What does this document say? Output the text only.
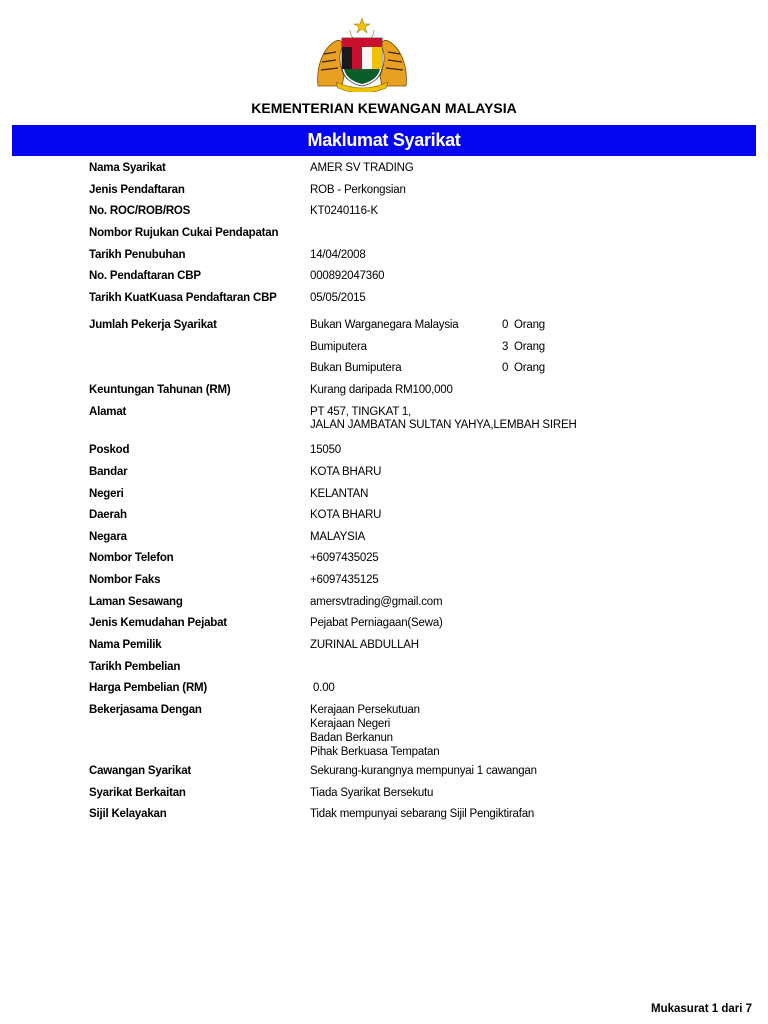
KEMENTERIAN KEWANGAN MALAYSIA
Maklumat Syarikat
Nama Syarikat	AMER SV TRADING
Jenis Pendaftaran	ROB - Perkongsian
No. ROC/ROB/ROS	KT0240116-K
Nombor Rujukan Cukai Pendapatan
Tarikh Penubuhan	14/04/2008
No. Pendaftaran CBP	000892047360
Tarikh KuatKuasa Pendaftaran CBP	05/05/2015
Jumlah Pekerja Syarikat	Bukan Warganegara Malaysia	0 Orang
Bumiputera	3 Orang
Bukan Bumiputera	0 Orang
Keuntungan Tahunan (RM)	Kurang daripada RM100,000
Alamat	PT 457, TINGKAT 1,
JALAN JAMBATAN SULTAN YAHYA,LEMBAH SIREH
Poskod	15050
Bandar	KOTA BHARU
Negeri	KELANTAN
Daerah	KOTA BHARU
Negara	MALAYSIA
Nombor Telefon	+6097435025
Nombor Faks	+6097435125
Laman Sesawang	amersvtrading@gmail.com
Jenis Kemudahan Pejabat	Pejabat Perniagaan(Sewa)
Nama Pemilik	ZURINAL ABDULLAH
Tarikh Pembelian
Harga Pembelian (RM)	0.00
Bekerjasama Dengan	Kerajaan Persekutuan
Kerajaan Negeri
Badan Berkanun
Pihak Berkuasa Tempatan
Cawangan Syarikat	Sekurang-kurangnya mempunyai 1 cawangan
Syarikat Berkaitan	Tiada Syarikat Bersekutu
Sijil Kelayakan	Tidak mempunyai sebarang Sijil Pengiktirafan
Mukasurat 1 dari 7
